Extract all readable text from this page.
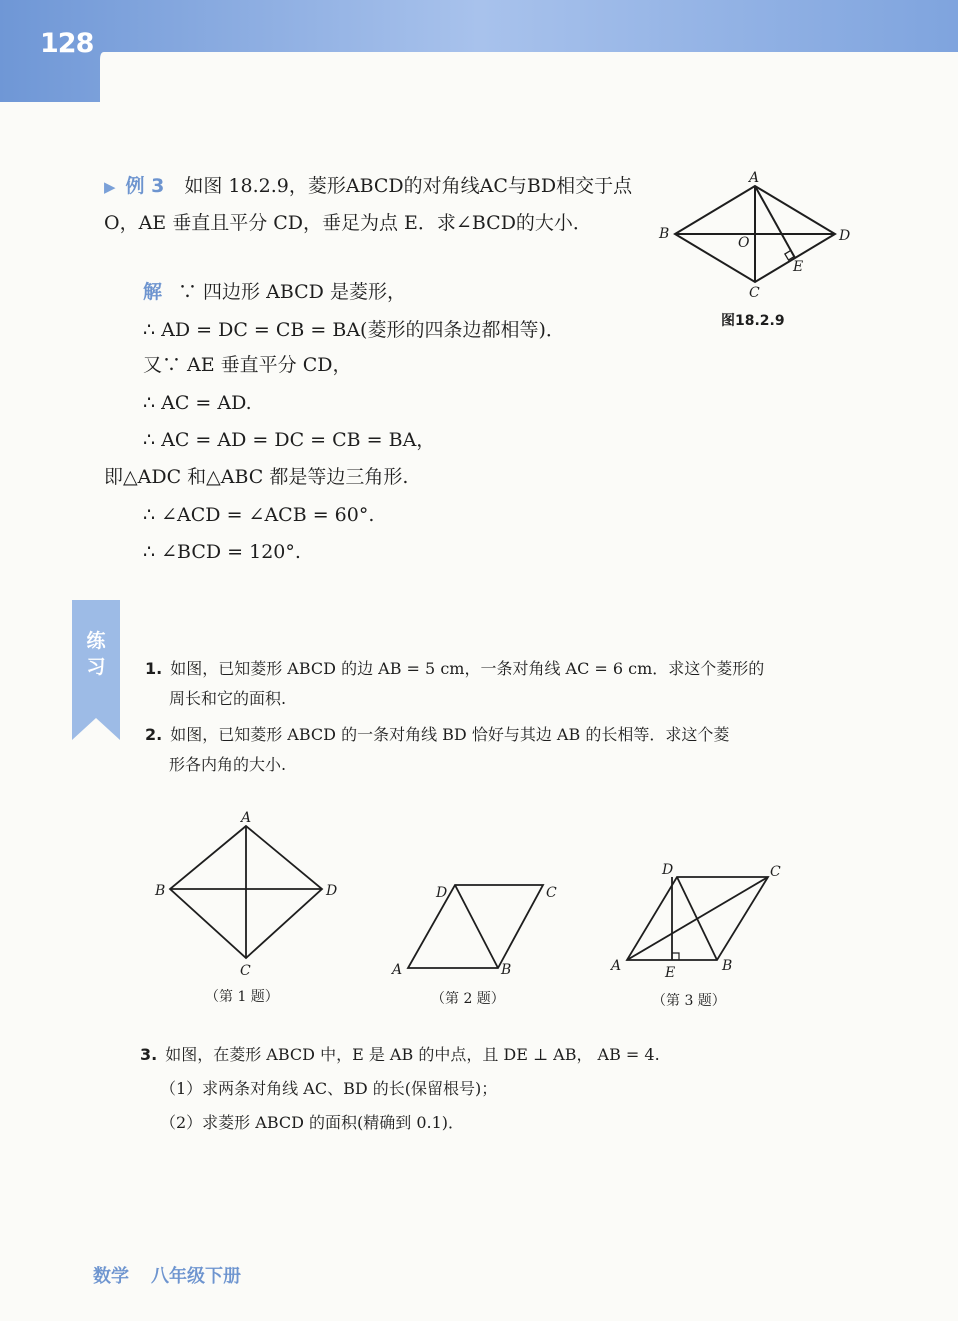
128
▶ 例 3 如图 18.2.9，菱形ABCD的对角线AC与BD相交于点 O，AE 垂直且平分 CD，垂足为点 E．求∠BCD的大小．
解 ∵ 四边形 ABCD 是菱形，
∴ AD = DC = CB = BA(菱形的四条边都相等)．
又∵ AE 垂直平分 CD，
∴ AC = AD.
∴ AC = AD = DC = CB = BA，
即△ADC 和△ABC 都是等边三角形.
∴ ∠ACD = ∠ACB = 60°.
∴ ∠BCD = 120°.
A
B	D
C
O
E
图18.2.9
练习 1. 如图，已知菱形 ABCD 的边 AB = 5 cm，一条对角线 AC = 6 cm．求这个菱形的
周长和它的面积.
2. 如图，已知菱形 ABCD 的一条对角线 BD 恰好与其边 AB 的长相等．求这个菱
形各内角的大小.
A
B	D
C
D	C
A	B
D	C
A	B
E
（第 1 题）	（第 2 题）	（第 3 题）
3. 如图，在菱形 ABCD 中，E 是 AB 的中点，且 DE ⊥ AB， AB = 4.
（1）求两条对角线 AC、BD 的长(保留根号)；
（2）求菱形 ABCD 的面积(精确到 0.1)．
数学 八年级下册
